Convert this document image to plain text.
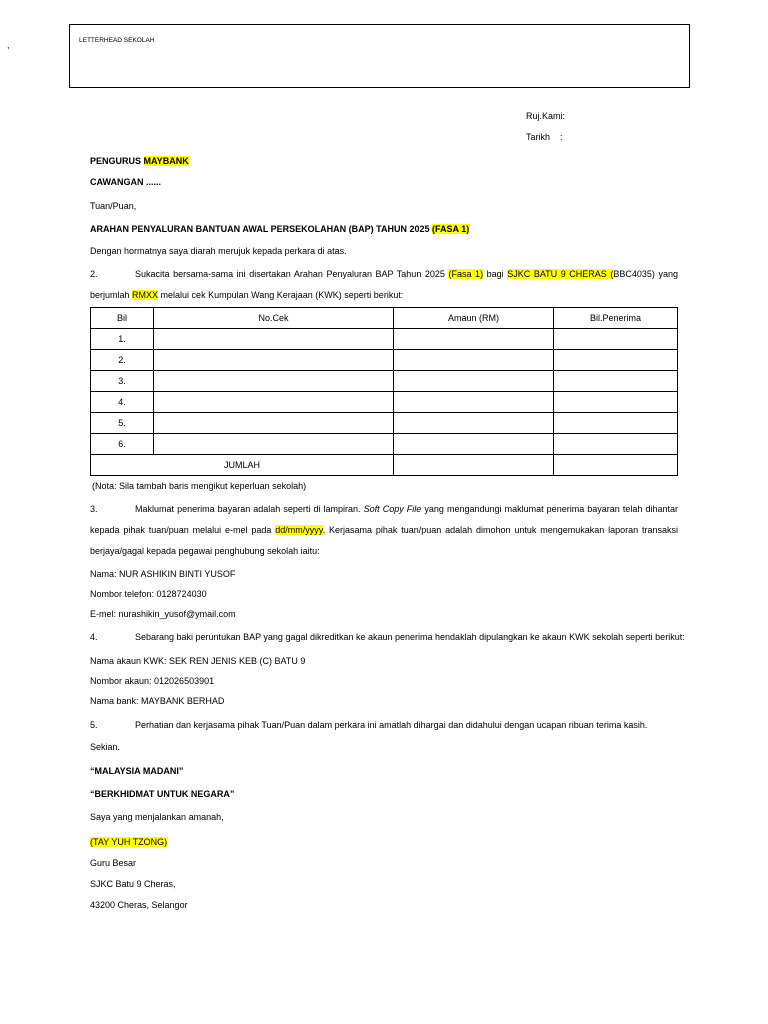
,	LETTERHEAD SEKOLAH
Ruj.Kami:
Tarikh    :
PENGURUS MAYBANK
CAWANGAN ......
Tuan/Puan,
ARAHAN PENYALURAN BANTUAN AWAL PERSEKOLAHAN (BAP) TAHUN 2025 (FASA 1)
Dengan hormatnya saya diarah merujuk kepada perkara di atas.
2.	Sukacita bersama-sama ini disertakan Arahan Penyaluran BAP Tahun 2025 (Fasa 1) bagi SJKC BATU 9 CHERAS (BBC4035) yang
berjumlah RMXX melalui cek Kumpulan Wang Kerajaan (KWK) seperti berikut:
Bil	No.Cek	Amaun (RM)	Bil.Penerima
1.			
2.			
3.			
4.			
5.			
6.			
JUMLAH			
(Nota: Sila tambah baris mengikut keperluan sekolah)
3.	Maklumat penerima bayaran adalah seperti di lampiran. Soft Copy File yang mengandungi maklumat penerima bayaran telah dihantar
kepada pihak tuan/puan melalui e-mel pada dd/mm/yyyy. Kerjasama pihak tuan/puan adalah dimohon untuk mengemukakan laporan transaksi
berjaya/gagal kepada pegawai penghubung sekolah iaitu:
Nama: NUR ASHIKIN BINTI YUSOF
Nombor telefon: 0128724030
E-mel: nurashikin_yusof@ymail.com
4.	Sebarang baki peruntukan BAP yang gagal dikreditkan ke akaun penerima hendaklah dipulangkan ke akaun KWK sekolah seperti berikut:
Nama akaun KWK: SEK REN JENIS KEB (C) BATU 9
Nombor akaun: 012026503901
Nama bank: MAYBANK BERHAD
5.	Perhatian dan kerjasama pihak Tuan/Puan dalam perkara ini amatlah dihargai dan didahului dengan ucapan ribuan terima kasih.
Sekian.
“MALAYSIA MADANI”
“BERKHIDMAT UNTUK NEGARA”
Saya yang menjalankan amanah,
(TAY YUH TZONG)
Guru Besar
SJKC Batu 9 Cheras,
43200 Cheras, Selangor
